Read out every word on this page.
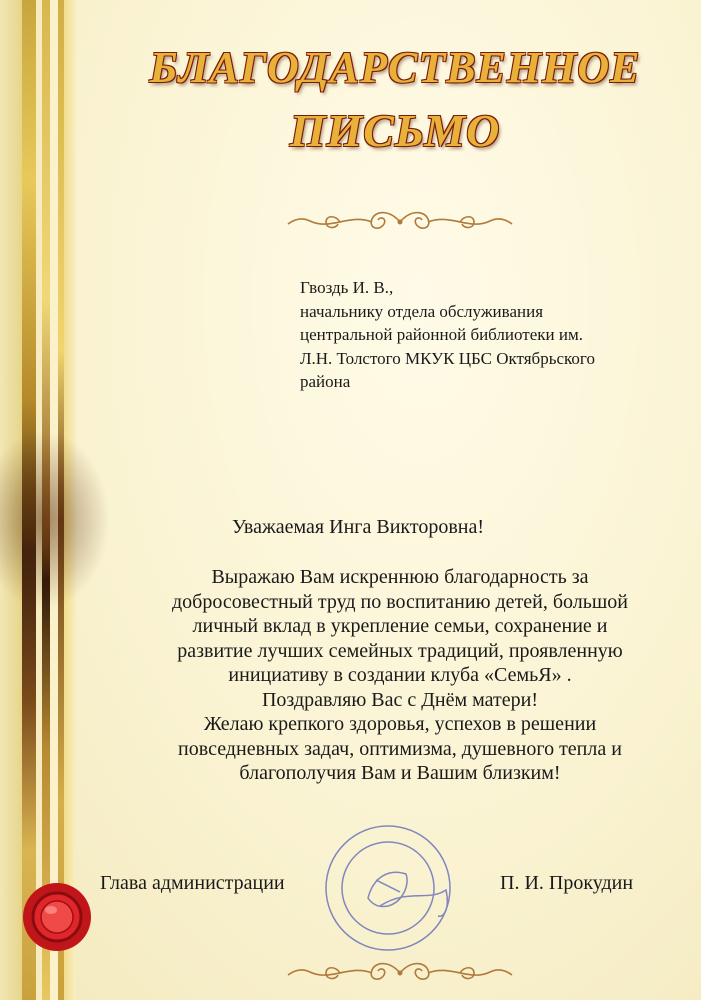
БЛАГОДАРСТВЕННОЕ
ПИСЬМО
Гвоздь И. В.,
начальнику отдела обслуживания
центральной районной библиотеки им.
Л.Н. Толстого МКУК ЦБС Октябрьского
района
Уважаемая Инга Викторовна!
Выражаю Вам искреннюю благодарность за
добросовестный труд по воспитанию детей, большой
личный вклад в укрепление семьи, сохранение и
развитие лучших семейных традиций, проявленную
инициативу в создании клуба «СемьЯ» .
Поздравляю Вас с Днём матери!
Желаю крепкого здоровья, успехов в решении
повседневных задач, оптимизма, душевного тепла и
благополучия Вам и Вашим близким!
Глава администрации	П. И. Прокудин
